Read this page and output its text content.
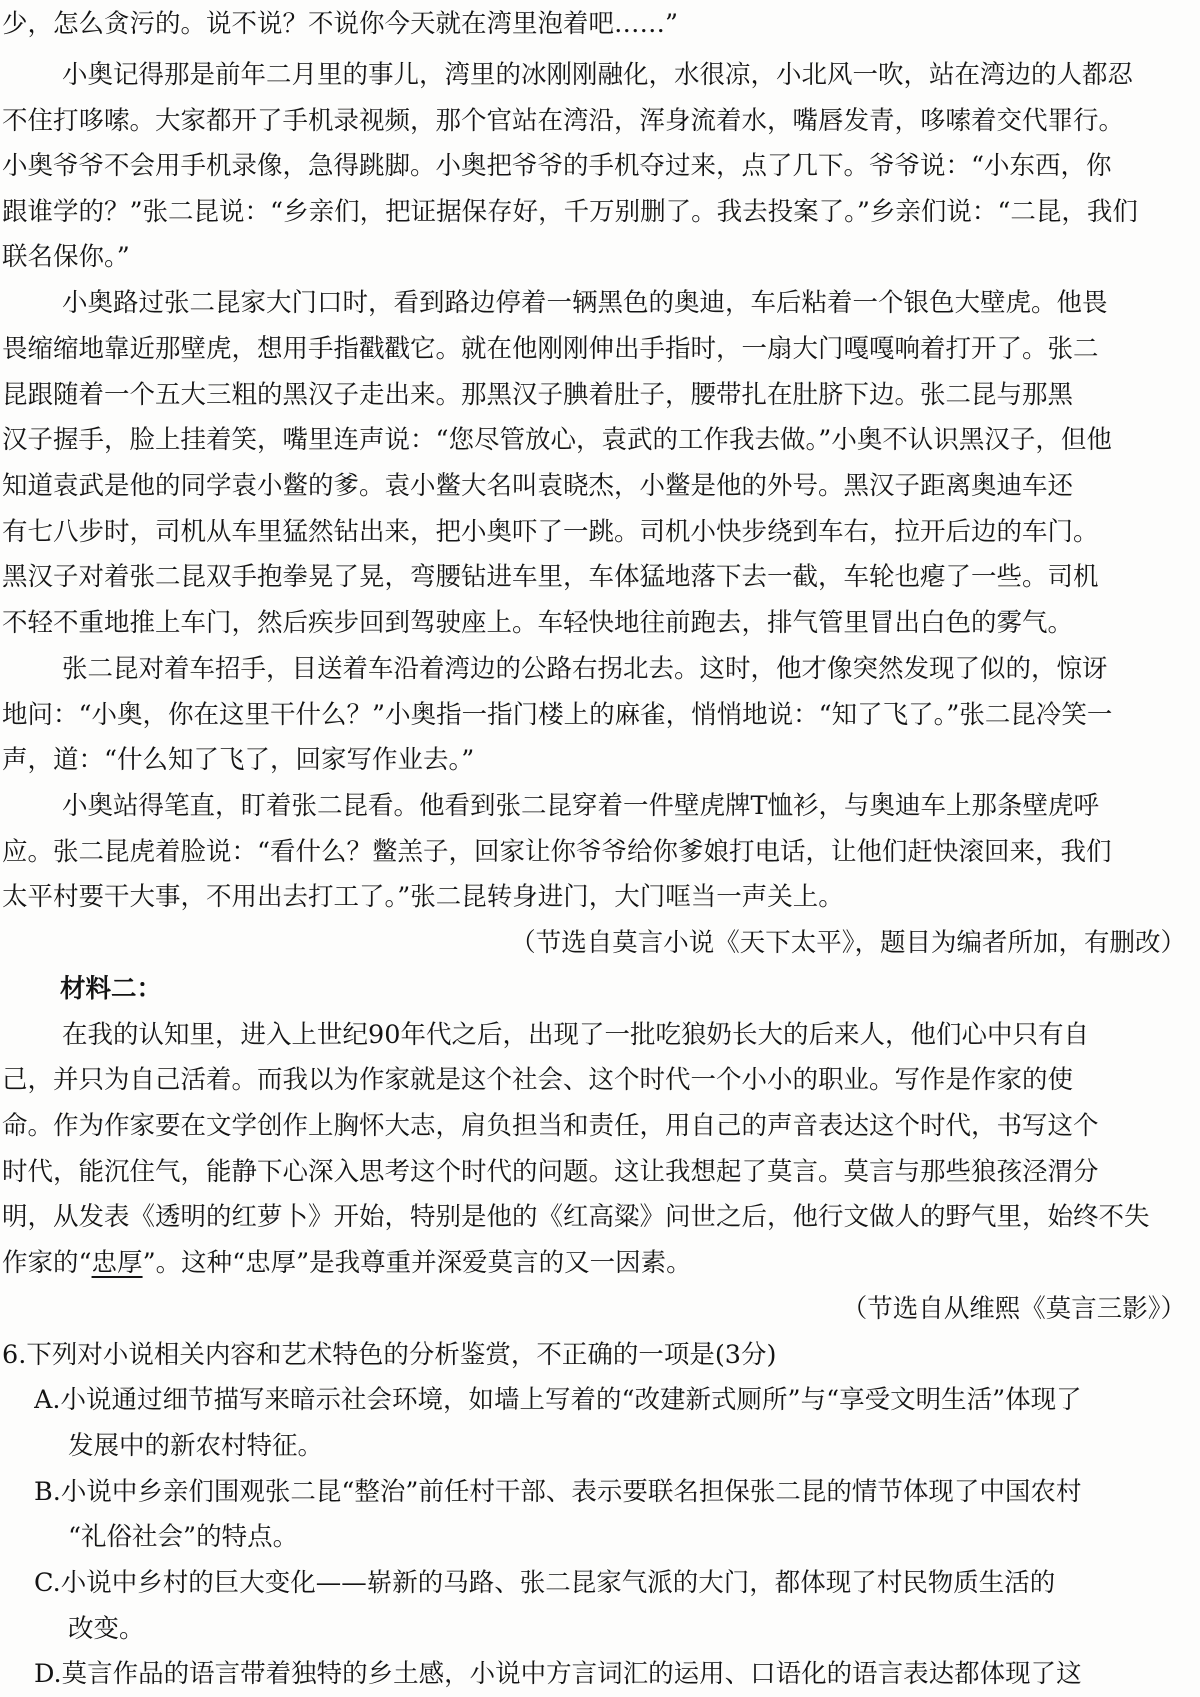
少，怎么贪污的。说不说？不说你今天就在湾里泡着吧……”
小奥记得那是前年二月里的事儿，湾里的冰刚刚融化，水很凉，小北风一吹，站在湾边的人都忍
不住打哆嗦。大家都开了手机录视频，那个官站在湾沿，浑身流着水，嘴唇发青，哆嗦着交代罪行。
小奥爷爷不会用手机录像，急得跳脚。小奥把爷爷的手机夺过来，点了几下。爷爷说：“小东西，你
跟谁学的？”张二昆说：“乡亲们，把证据保存好，千万别删了。我去投案了。”乡亲们说：“二昆，我们
联名保你。”
小奥路过张二昆家大门口时，看到路边停着一辆黑色的奥迪，车后粘着一个银色大壁虎。他畏
畏缩缩地靠近那壁虎，想用手指戳戳它。就在他刚刚伸出手指时，一扇大门嘎嘎响着打开了。张二
昆跟随着一个五大三粗的黑汉子走出来。那黑汉子腆着肚子，腰带扎在肚脐下边。张二昆与那黑
汉子握手，脸上挂着笑，嘴里连声说：“您尽管放心，袁武的工作我去做。”小奥不认识黑汉子，但他
知道袁武是他的同学袁小鳖的爹。袁小鳖大名叫袁晓杰，小鳖是他的外号。黑汉子距离奥迪车还
有七八步时，司机从车里猛然钻出来，把小奥吓了一跳。司机小快步绕到车右，拉开后边的车门。
黑汉子对着张二昆双手抱拳晃了晃，弯腰钻进车里，车体猛地落下去一截，车轮也瘪了一些。司机
不轻不重地推上车门，然后疾步回到驾驶座上。车轻快地往前跑去，排气管里冒出白色的雾气。
张二昆对着车招手，目送着车沿着湾边的公路右拐北去。这时，他才像突然发现了似的，惊讶
地问：“小奥，你在这里干什么？”小奥指一指门楼上的麻雀，悄悄地说：“知了飞了。”张二昆冷笑一
声，道：“什么知了飞了，回家写作业去。”
小奥站得笔直，盯着张二昆看。他看到张二昆穿着一件壁虎牌T恤衫，与奥迪车上那条壁虎呼
应。张二昆虎着脸说：“看什么？鳖羔子，回家让你爷爷给你爹娘打电话，让他们赶快滚回来，我们
太平村要干大事，不用出去打工了。”张二昆转身进门，大门哐当一声关上。
（节选自莫言小说《天下太平》，题目为编者所加，有删改）
材料二：
在我的认知里，进入上世纪90年代之后，出现了一批吃狼奶长大的后来人，他们心中只有自
己，并只为自己活着。而我以为作家就是这个社会、这个时代一个小小的职业。写作是作家的使
命。作为作家要在文学创作上胸怀大志，肩负担当和责任，用自己的声音表达这个时代，书写这个
时代，能沉住气，能静下心深入思考这个时代的问题。这让我想起了莫言。莫言与那些狼孩泾渭分
明，从发表《透明的红萝卜》开始，特别是他的《红高粱》问世之后，他行文做人的野气里，始终不失
作家的“忠厚”。这种“忠厚”是我尊重并深爱莫言的又一因素。
（节选自从维熙《莫言三影》）
6.下列对小说相关内容和艺术特色的分析鉴赏，不正确的一项是(3分)
A.小说通过细节描写来暗示社会环境，如墙上写着的“改建新式厕所”与“享受文明生活”体现了
发展中的新农村特征。
B.小说中乡亲们围观张二昆“整治”前任村干部、表示要联名担保张二昆的情节体现了中国农村
“礼俗社会”的特点。
C.小说中乡村的巨大变化——崭新的马路、张二昆家气派的大门，都体现了村民物质生活的
改变。
D.莫言作品的语言带着独特的乡土感，小说中方言词汇的运用、口语化的语言表达都体现了这
